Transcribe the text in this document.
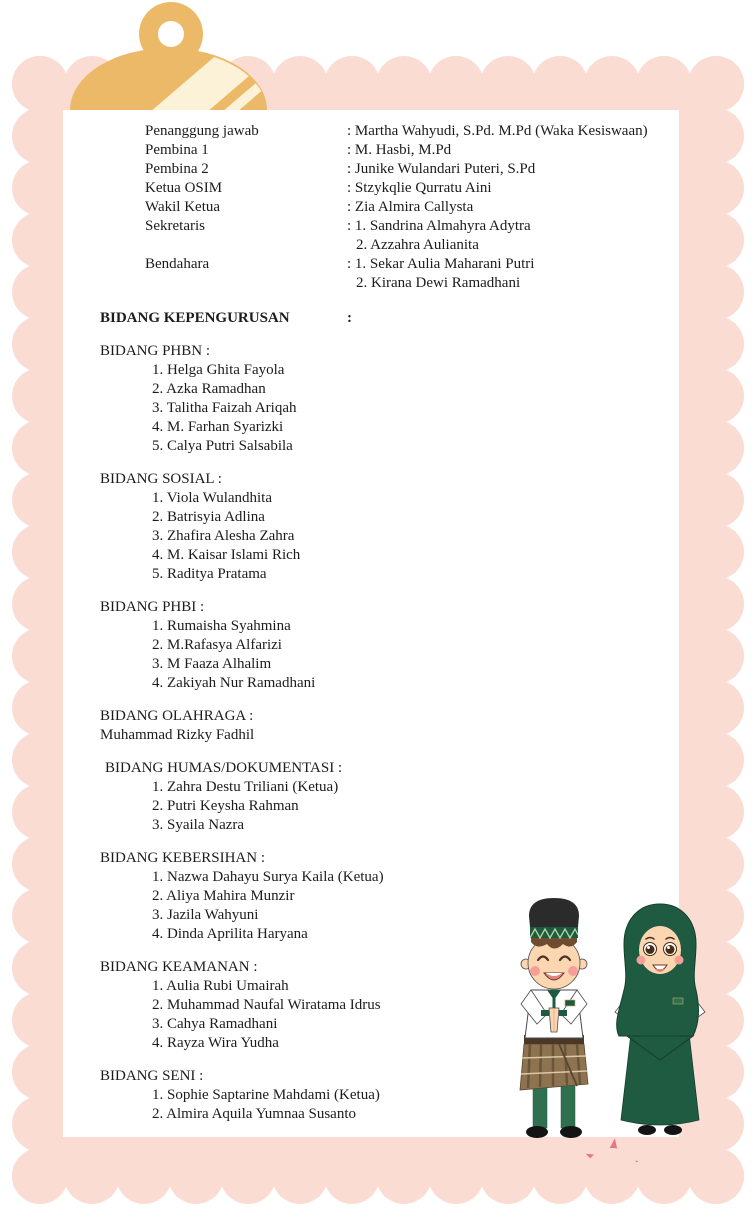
Penanggung jawab	: Martha Wahyudi, S.Pd. M.Pd (Waka Kesiswaan)
Pembina 1	: M. Hasbi, M.Pd
Pembina 2	: Junike Wulandari Puteri, S.Pd
Ketua OSIM	: Stzykqlie Qurratu Aini
Wakil Ketua	: Zia Almira Callysta
Sekretaris	: 1. Sandrina Almahyra Adytra
2. Azzahra Aulianita
Bendahara	: 1. Sekar Aulia Maharani Putri
2. Kirana Dewi Ramadhani
BIDANG KEPENGURUSAN	:
BIDANG PHBN :
1. Helga Ghita Fayola
2. Azka Ramadhan
3. Talitha Faizah Ariqah
4. M. Farhan Syarizki
5. Calya Putri Salsabila
BIDANG SOSIAL :
1. Viola Wulandhita
2. Batrisyia Adlina
3. Zhafira Alesha Zahra
4. M. Kaisar Islami Rich
5. Raditya Pratama
BIDANG PHBI :
1. Rumaisha Syahmina
2. M.Rafasya Alfarizi
3. M Faaza Alhalim
4. Zakiyah Nur Ramadhani
BIDANG OLAHRAGA :
Muhammad Rizky Fadhil
BIDANG HUMAS/DOKUMENTASI :
1. Zahra Destu Triliani (Ketua)
2. Putri Keysha Rahman
3. Syaila Nazra
BIDANG KEBERSIHAN :
1. Nazwa Dahayu Surya Kaila (Ketua)
2. Aliya Mahira Munzir
3. Jazila Wahyuni
4. Dinda Aprilita Haryana
BIDANG KEAMANAN :
1. Aulia Rubi Umairah
2. Muhammad Naufal Wiratama Idrus
3. Cahya Ramadhani
4. Rayza Wira Yudha
BIDANG SENI :
1. Sophie Saptarine Mahdami (Ketua)
2. Almira Aquila Yumnaa Susanto
